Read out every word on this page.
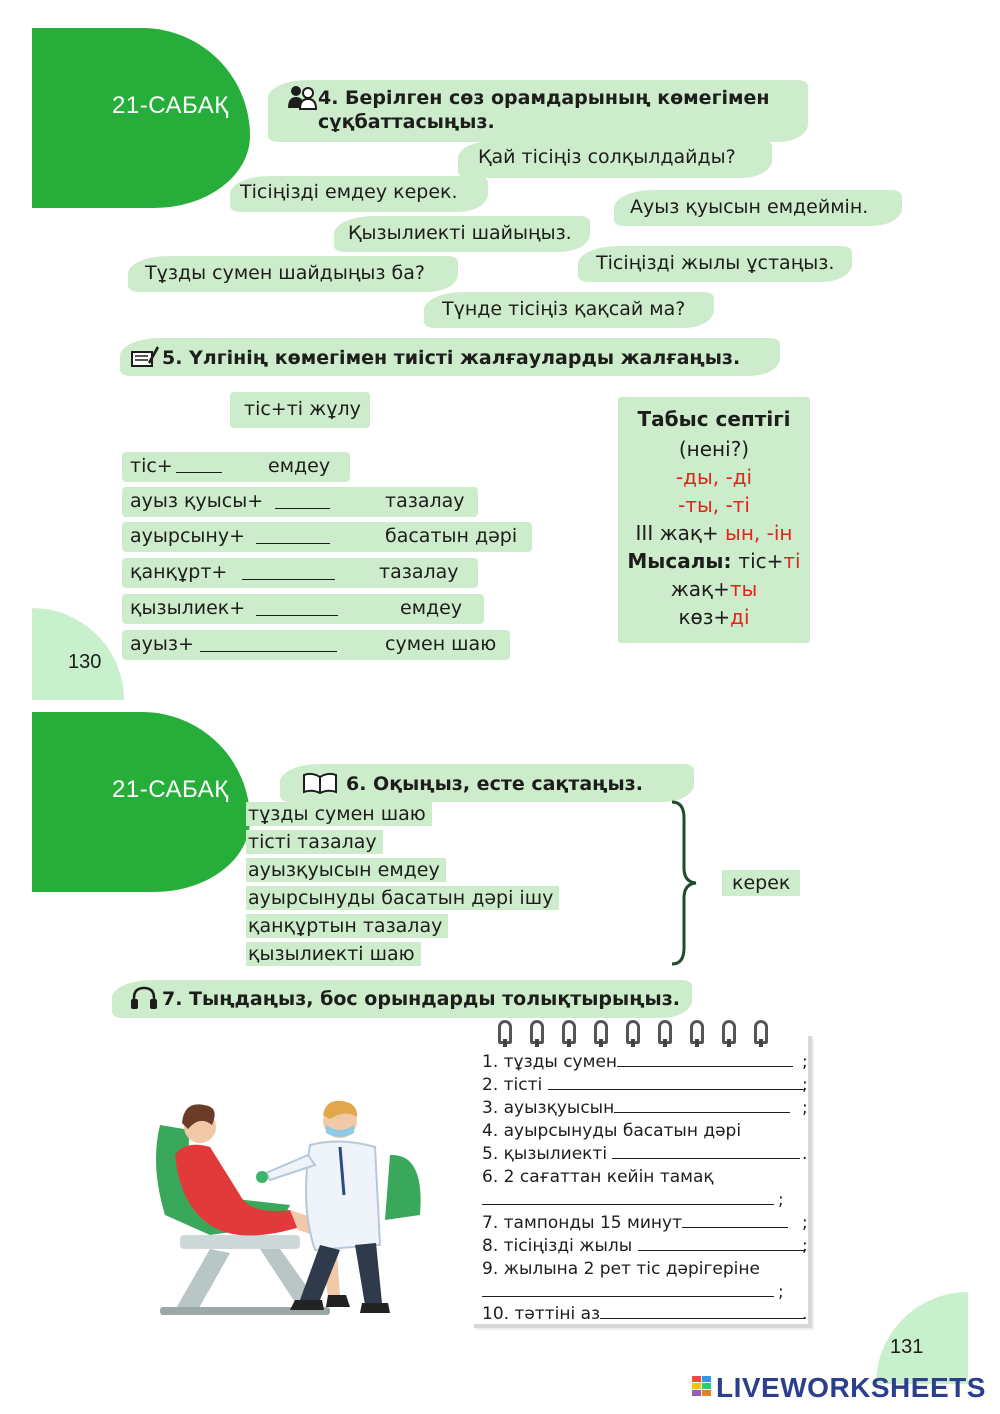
21-САБАҚ	4. Берілген сөз орамдарының көмегімен
сұқбаттасыңыз.
Қай тісіңіз солқылдайды?
Тісіңізді емдеу керек.
Ауыз қуысын емдеймін.
Қызылиекті шайыңыз.
Тұзды сумен шайдыңыз ба?	Тісіңізді жылы ұстаңыз.
Түнде тісіңіз қақсай ма?
5. Үлгінің көмегімен тиісті жалғауларды жалғаңыз.
тіс+ті жұлу
тіс+	емдеу
ауыз қуысы+	тазалау
ауырсыну+	басатын дәрі
қанқұрт+	тазалау
қызылиек+	емдеу
ауыз+	сумен шаю
Табыс септігі
(нені?)
-ды, -ді
-ты, -ті
ІІІ жақ+ ын, -ін
Мысалы: тіс+ті
жақ+ты
көз+ді
130
21-САБАҚ	6. Оқыңыз, есте сақтаңыз.
тұзды сумен шаю
тісті тазалау
ауызқуысын емдеу
ауырсынуды басатын дәрі ішу
қанқұртын тазалау
қызылиекті шаю
керек
7. Тыңдаңыз, бос орындарды толықтырыңыз.
1. тұзды сумен	;
2. тісті	;
3. ауызқуысын	;
4. ауырсынуды басатын дәрі
5. қызылиекті	.
6. 2 сағаттан кейін тамақ
;
7. тампонды 15 минут	;
8. тісіңізді жылы	;
9. жылына 2 рет тіс дәрігеріне
;
10. тәттіні аз	.
131
LIVEWORKSHEETS
